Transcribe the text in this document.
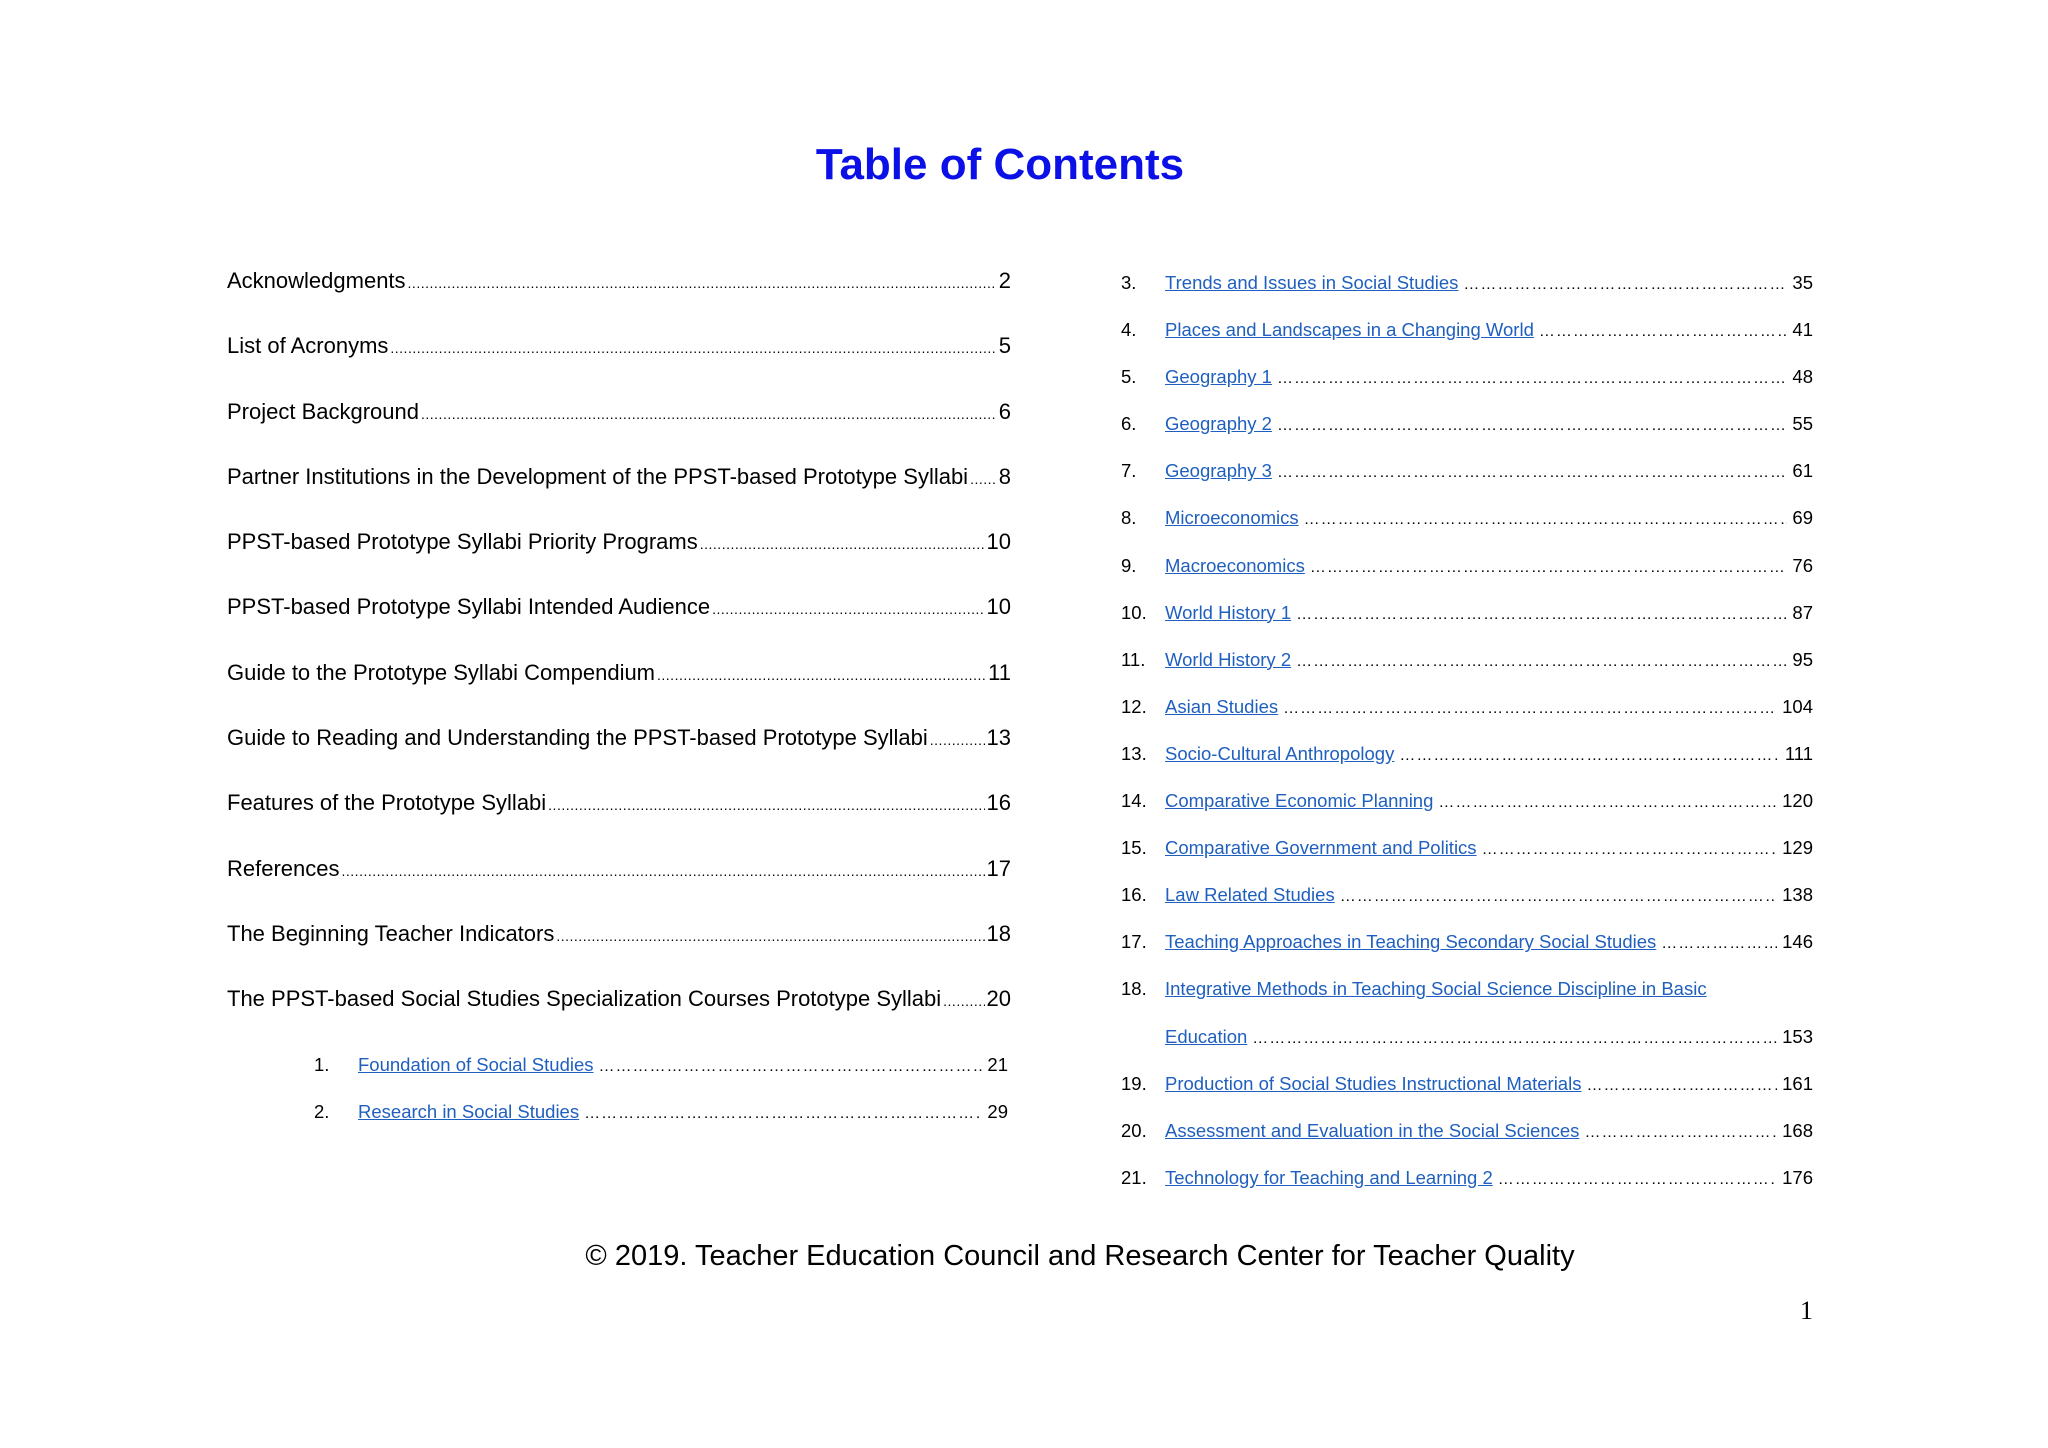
Table of Contents
Acknowledgments .....	2
List of Acronyms .....	5
Project Background .....	6
Partner Institutions in the Development of the PPST-based Prototype Syllabi ..... 8
PPST-based Prototype Syllabi Priority Programs .....	10
PPST-based Prototype Syllabi Intended Audience .....	10
Guide to the Prototype Syllabi Compendium .....	11
Guide to Reading and Understanding the PPST-based Prototype Syllabi .....	13
Features of the Prototype Syllabi .....	16
References .....	17
The Beginning Teacher Indicators .....	18
The PPST-based Social Studies Specialization Courses Prototype Syllabi ..... 20
1.	Foundation of Social Studies ……………………………………………………………………………………………………………………………………………………………………………………………………………………………………	21
2.	Research in Social Studies ……………………………………………………………………………………………………………………………………………………………………………………………………………………………………	29
3.	Trends and Issues in Social Studies ……………………………………………………………………………………………………………………………………………………………………………………………………………………………………	35
4.	Places and Landscapes in a Changing World ……………………………………………………………………………………………………………………………………………………………………………………………………………………………………	41
5.	Geography 1 ……………………………………………………………………………………………………………………………………………………………………………………………………………………………………	48
6.	Geography 2 ……………………………………………………………………………………………………………………………………………………………………………………………………………………………………	55
7.	Geography 3 ……………………………………………………………………………………………………………………………………………………………………………………………………………………………………	61
8.	Microeconomics ……………………………………………………………………………………………………………………………………………………………………………………………………………………………………	69
9.	Macroeconomics ……………………………………………………………………………………………………………………………………………………………………………………………………………………………………	76
10. World History 1 ……………………………………………………………………………………………………………………………………………………………………………………………………………………………………	87
11.	World History 2 ……………………………………………………………………………………………………………………………………………………………………………………………………………………………………	95
12. Asian Studies ……………………………………………………………………………………………………………………………………………………………………………………………………………………………………	104
13. Socio-Cultural Anthropology ……………………………………………………………………………………………………………………………………………………………………………………………………………………………………	111
14. Comparative Economic Planning ……………………………………………………………………………………………………………………………………………………………………………………………………………………………………	120
15. Comparative Government and Politics ……………………………………………………………………………………………………………………………………………………………………………………………………………………………………	129
16. Law Related Studies ……………………………………………………………………………………………………………………………………………………………………………………………………………………………………	138
17. Teaching Approaches in Teaching Secondary Social Studies ……………………………………………………………………………………………………………………………………………………………………………………………………………………………………	146
18. Integrative Methods in Teaching Social Science Discipline in Basic
Education ……………………………………………………………………………………………………………………………………………………………………………………………………………………………………	153
19. Production of Social Studies Instructional Materials ……………………………………………………………………………………………………………………………………………………………………………………………………………………………………	161
20. Assessment and Evaluation in the Social Sciences ……………………………………………………………………………………………………………………………………………………………………………………………………………………………………	168
21. Technology for Teaching and Learning 2 ……………………………………………………………………………………………………………………………………………………………………………………………………………………………………	176
© 2019. Teacher Education Council and Research Center for Teacher Quality
1
